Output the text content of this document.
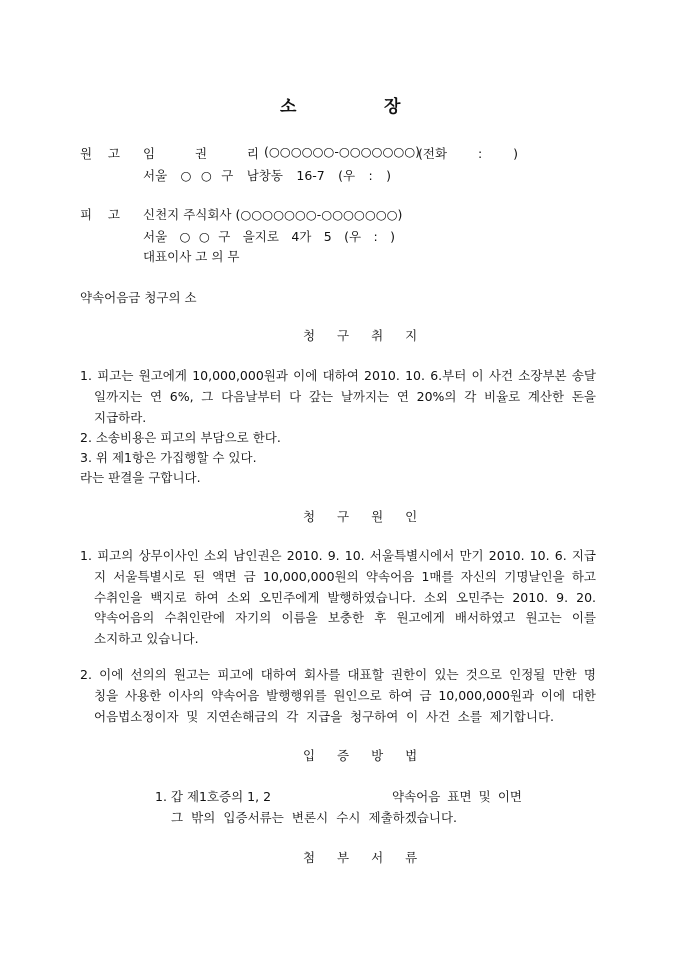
소	장
원 고 임 권 리 (○○○○○○-○○○○○○○)
(전화 : )
서울 ○○구 남창동 16-7 (우 : )
피 고 신천지 주식회사 (○○○○○○○-○○○○○○○)
서울 ○○구 을지로 4가 5 (우 : )
대표이사 고 의 무
약속어음금 청구의 소
청 구 취 지
1. 피고는 원고에게 10,000,000원과 이에 대하여 2010. 10. 6.부터 이 사건 소장부본 송달
일까지는 연 6%, 그 다음날부터 다 갚는 날까지는 연 20%의 각 비율로 계산한 돈을
지급하라.
2. 소송비용은 피고의 부담으로 한다.
3. 위 제1항은 가집행할 수 있다.
라는 판결을 구합니다.
청 구 원 인
1. 피고의 상무이사인 소외 남인권은 2010. 9. 10. 서울특별시에서 만기 2010. 10. 6. 지급
지 서울특별시로 된 액면 금 10,000,000원의 약속어음 1매를 자신의 기명날인을 하고
수취인을 백지로 하여 소외 오민주에게 발행하였습니다. 소외 오민주는 2010. 9. 20.
약속어음의 수취인란에 자기의 이름을 보충한 후 원고에게 배서하였고 원고는 이를
소지하고 있습니다.
2. 이에 선의의 원고는 피고에 대하여 회사를 대표할 권한이 있는 것으로 인정될 만한 명
칭을 사용한 이사의 약속어음 발행행위를 원인으로 하여 금 10,000,000원과 이에 대한
어음법소정이자 및 지연손해금의 각 지급을 청구하여 이 사건 소를 제기합니다.
입 증 방 법
1. 갑 제1호증의 1, 2	약속어음 표면 및 이면
그 밖의 입증서류는 변론시 수시 제출하겠습니다.
첨 부 서 류
